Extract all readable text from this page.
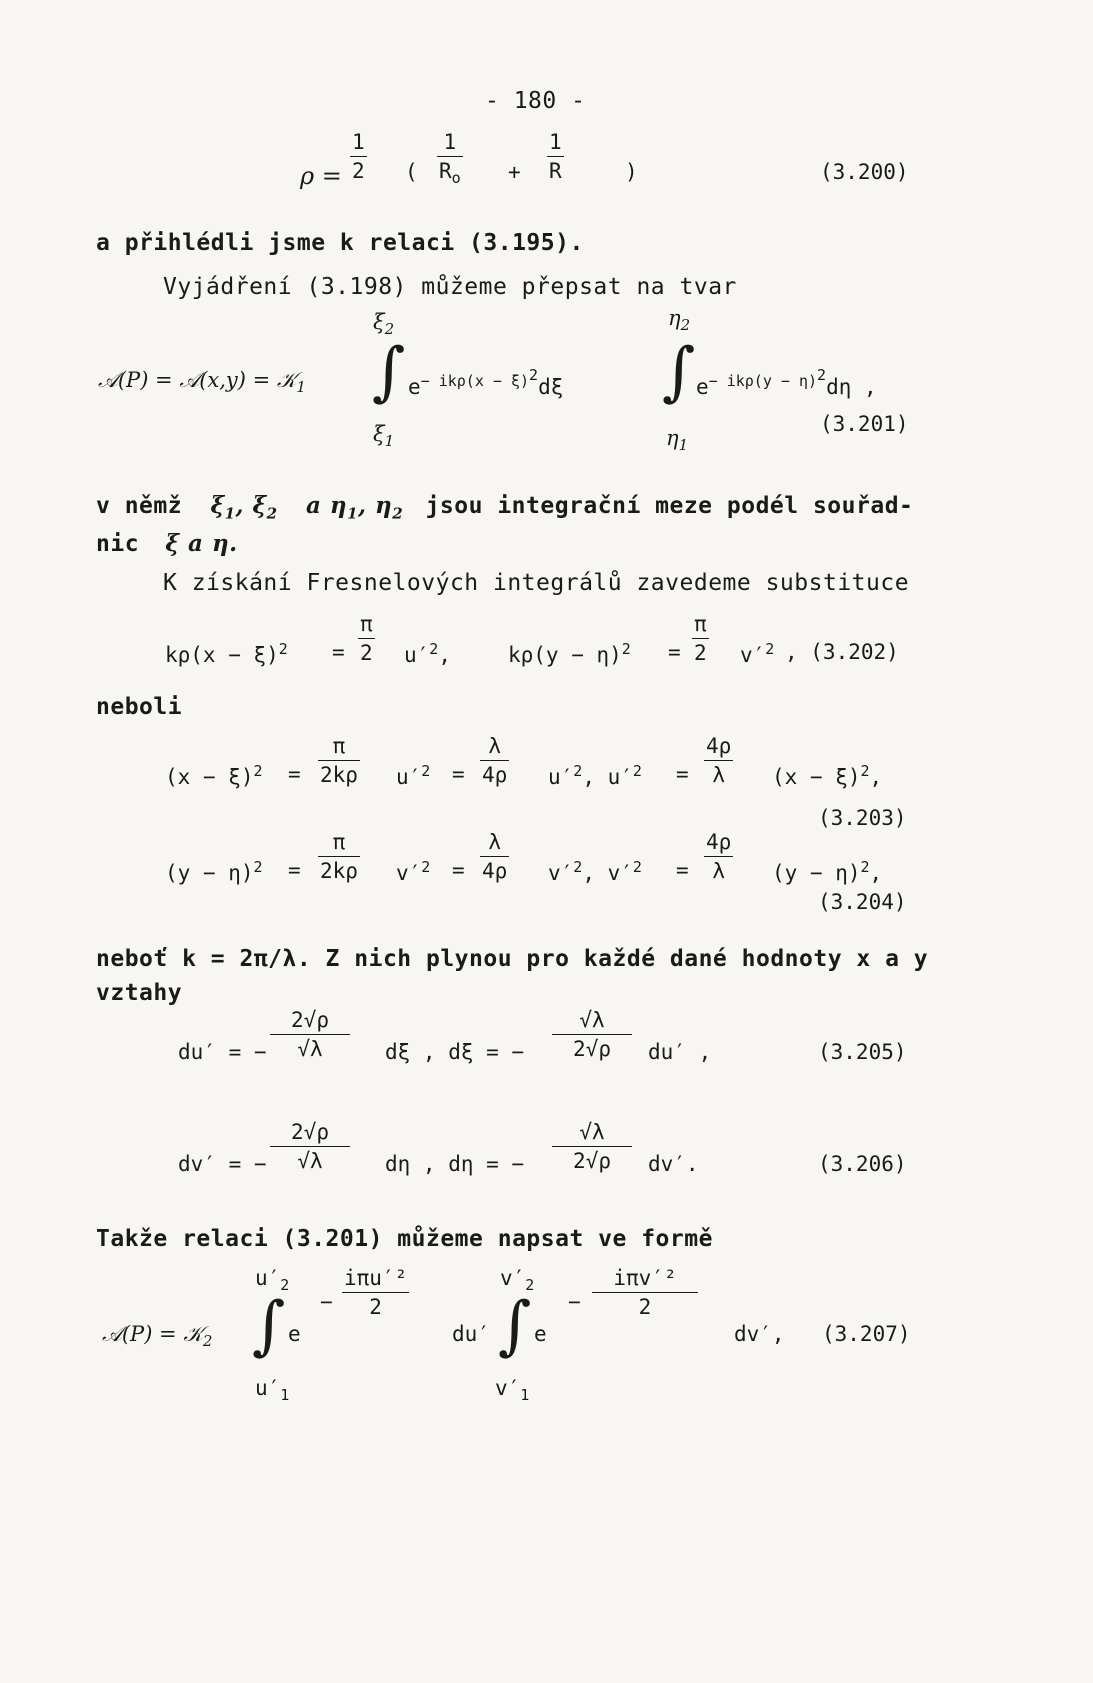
- 180 -
ρ =
1
2 (
1
$R_o$ +
1
R	)	(3.200)
a přihlédli jsme k relaci (3.195).
Vyjádření (3.198) můžeme přepsat na tvar
$\xi_2$	$\eta_2$
𝒜(P) = 𝒜(x,y) = 𝒦$_1$ ∫ $e^{- ik\rho(x - \xi)^2}d\xi$ ∫ $e^{- ik\rho(y - \eta)^2}d\eta$ ,
$\xi_1$	$\eta_1$
(3.201)
v němž $\xi_1$, $\xi_2$ a $\eta_1$, $\eta_2$ jsou integrační meze podél souřad-
nic ξ a η.
K získání Fresnelových integrálů zavedeme substituce
$k\rho(x - \xi)^2$ =
π
2 $u'^2$,	$k\rho(y - \eta)^2$ =
π
2 $v'^2$ , (3.202)
neboli
$(x - \xi)^2$ =
π
2kρ $u'^2$ =
λ
4ρ $u'^2$, $u'^2$ =
4ρ
λ	$(x - \xi)^2$,
(3.203)
$(y - \eta)^2$ =
π
2kρ $v'^2$ =
λ
4ρ $v'^2$, $v'^2$ =
4ρ
λ	$(y - \eta)^2$,
(3.204)
neboť k = 2π/λ. Z nich plynou pro každé dané hodnoty x a y
vztahy
du′ = −
2√ρ
√λ	dξ , dξ = −
√λ
2√ρ	du′ ,	(3.205)
dv′ = −
2√ρ
√λ	dη , dη = −
√λ
2√ρ	dv′.	(3.206)
Takže relaci (3.201) můžeme napsat ve formě
$u'_2$	$v'_2$
𝒜(P) = 𝒦$_2$ ∫ e
−
iπu′²
2
du′ ∫ e
−
iπv′²
2
dv′, (3.207)
$u'_1$	$v'_1$
